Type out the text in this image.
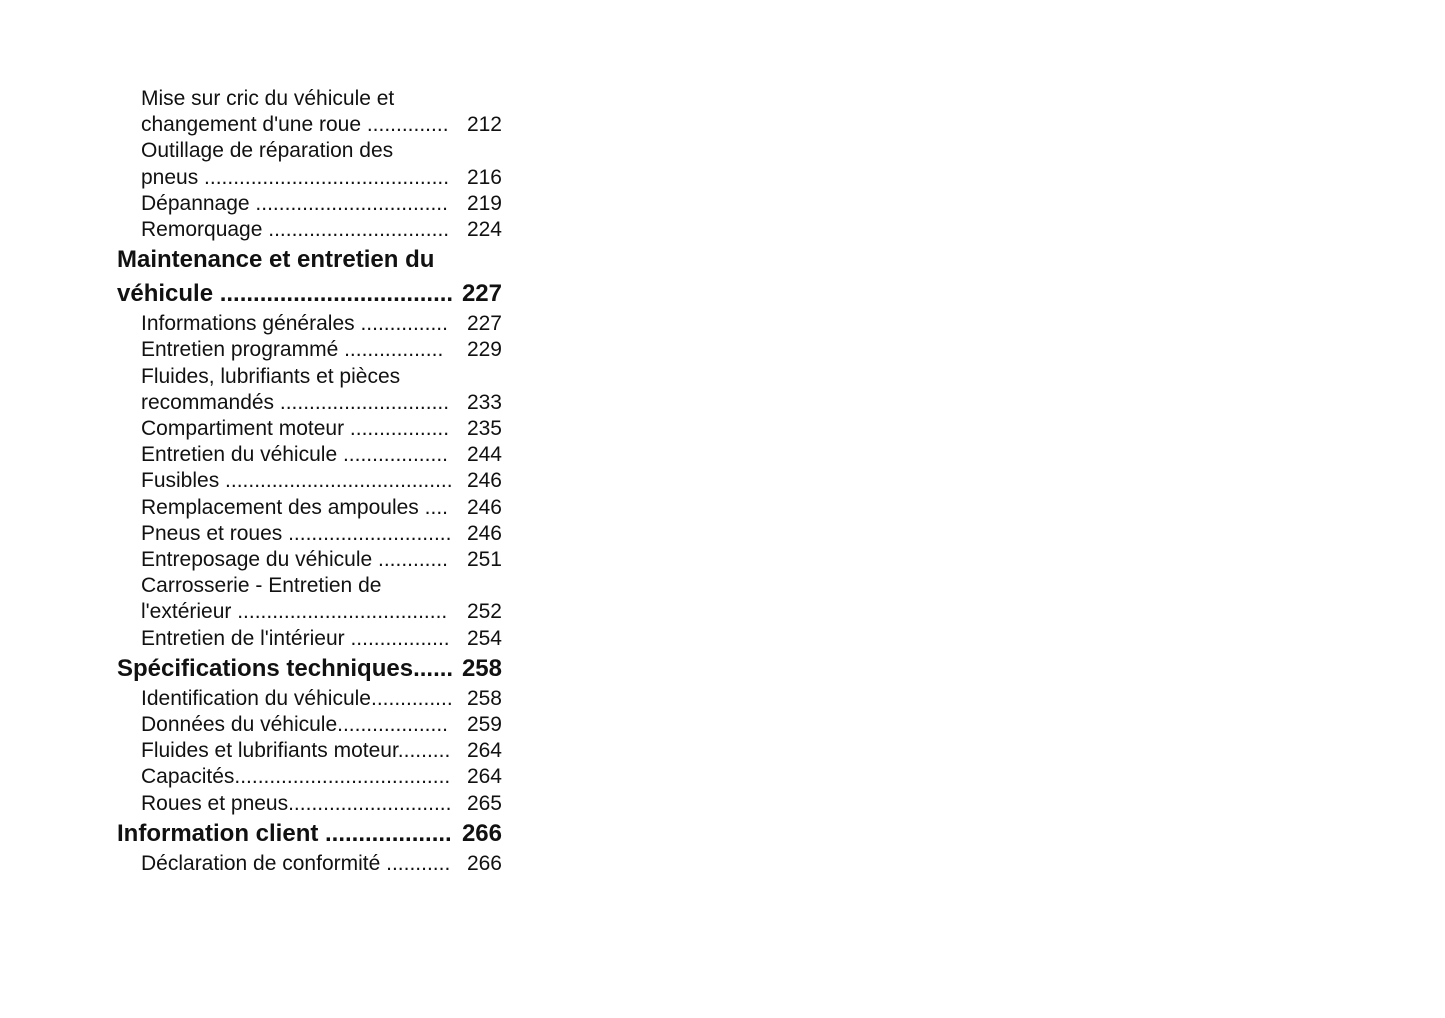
Mise sur cric du véhicule et
changement d'une roue .............. 212
Outillage de réparation des
pneus .......................................... 216
Dépannage ................................. 219
Remorquage ............................... 224
Maintenance et entretien du
véhicule ................................... 227
Informations générales ............... 227
Entretien programmé ................. 229
Fluides, lubrifiants et pièces
recommandés ............................. 233
Compartiment moteur ................. 235
Entretien du véhicule .................. 244
Fusibles ....................................... 246
Remplacement des ampoules .... 246
Pneus et roues ............................ 246
Entreposage du véhicule ............ 251
Carrosserie - Entretien de
l'extérieur .................................... 252
Entretien de l'intérieur ................. 254
Spécifications techniques...... 258
Identification du véhicule.............. 258
Données du véhicule................... 259
Fluides et lubrifiants moteur......... 264
Capacités..................................... 264
Roues et pneus............................ 265
Information client ................... 266
Déclaration de conformité ........... 266
